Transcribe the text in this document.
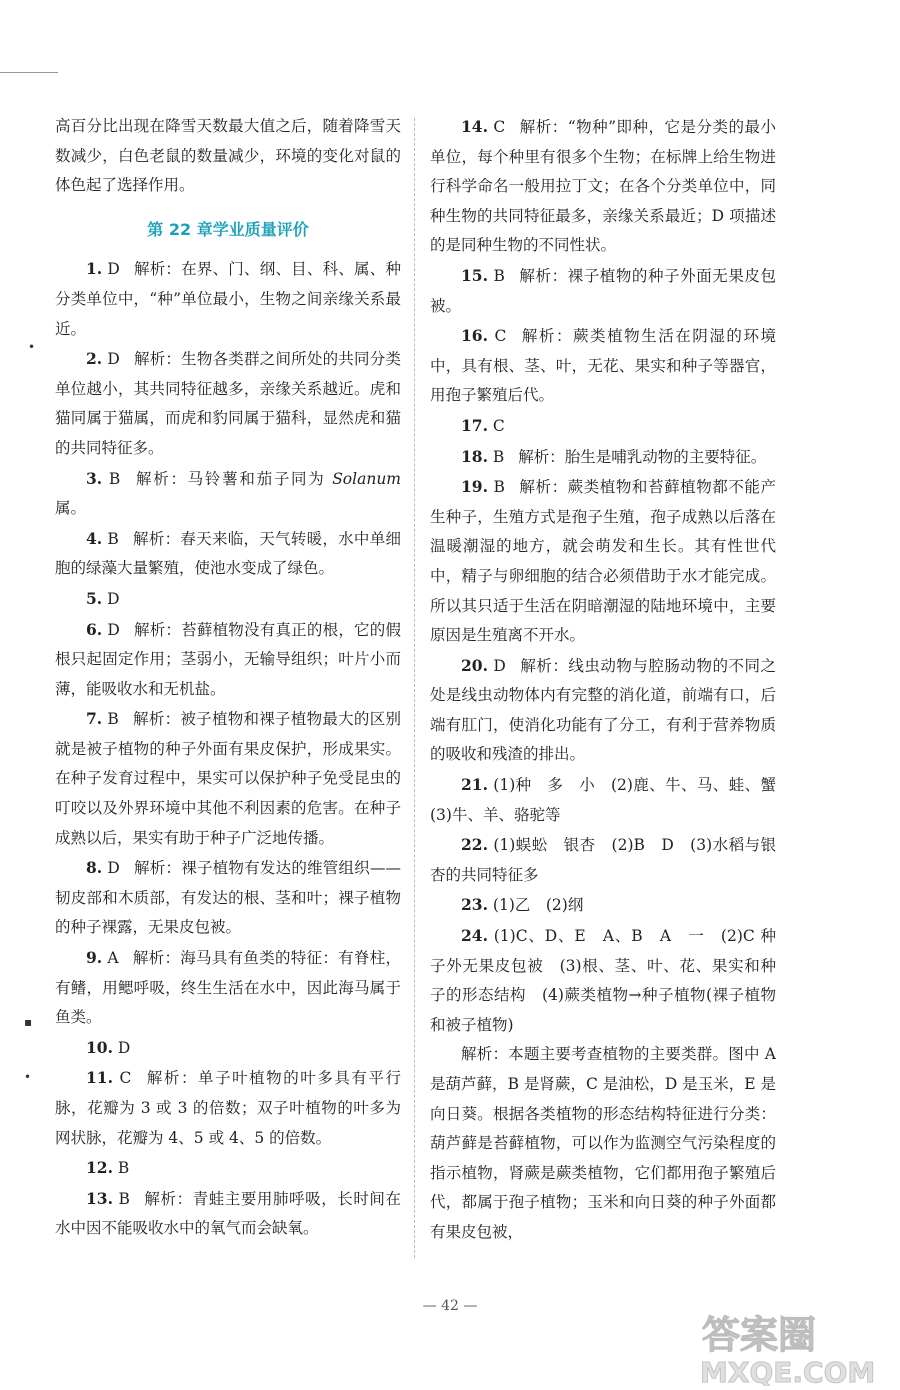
高百分比出现在降雪天数最大值之后，随着降雪天数减少，白色老鼠的数量减少，环境的变化对鼠的体色起了选择作用。

第 22 章学业质量评价

1. D 解析：在界、门、纲、目、科、属、种分类单位中，“种”单位最小，生物之间亲缘关系最近。

2. D 解析：生物各类群之间所处的共同分类单位越小，其共同特征越多，亲缘关系越近。虎和猫同属于猫属，而虎和豹同属于猫科，显然虎和猫的共同特征多。

3. B 解析：马铃薯和茄子同为 Solanum 属。

4. B 解析：春天来临，天气转暖，水中单细胞的绿藻大量繁殖，使池水变成了绿色。

5. D

6. D 解析：苔藓植物没有真正的根，它的假根只起固定作用；茎弱小，无输导组织；叶片小而薄，能吸收水和无机盐。

7. B 解析：被子植物和裸子植物最大的区别就是被子植物的种子外面有果皮保护，形成果实。在种子发育过程中，果实可以保护种子免受昆虫的叮咬以及外界环境中其他不利因素的危害。在种子成熟以后，果实有助于种子广泛地传播。

8. D 解析：裸子植物有发达的维管组织——韧皮部和木质部，有发达的根、茎和叶；裸子植物的种子裸露，无果皮包被。

9. A 解析：海马具有鱼类的特征：有脊柱，有鳍，用鳃呼吸，终生生活在水中，因此海马属于鱼类。

10. D

11. C 解析：单子叶植物的叶多具有平行脉，花瓣为 3 或 3 的倍数；双子叶植物的叶多为网状脉，花瓣为 4、5 或 4、5 的倍数。

12. B

13. B 解析：青蛙主要用肺呼吸，长时间在水中因不能吸收水中的氧气而会缺氧。

14. C 解析：“物种”即种，它是分类的最小单位，每个种里有很多个生物；在标牌上给生物进行科学命名一般用拉丁文；在各个分类单位中，同种生物的共同特征最多，亲缘关系最近；D 项描述的是同种生物的不同性状。

15. B 解析：裸子植物的种子外面无果皮包被。

16. C 解析：蕨类植物生活在阴湿的环境中，具有根、茎、叶，无花、果实和种子等器官，用孢子繁殖后代。

17. C

18. B 解析：胎生是哺乳动物的主要特征。

19. B 解析：蕨类植物和苔藓植物都不能产生种子，生殖方式是孢子生殖，孢子成熟以后落在温暖潮湿的地方，就会萌发和生长。其有性世代中，精子与卵细胞的结合必须借助于水才能完成。所以其只适于生活在阴暗潮湿的陆地环境中，主要原因是生殖离不开水。

20. D 解析：线虫动物与腔肠动物的不同之处是线虫动物体内有完整的消化道，前端有口，后端有肛门，使消化功能有了分工，有利于营养物质的吸收和残渣的排出。

21. (1)种　多　小　(2)鹿、牛、马、蛙、蟹　(3)牛、羊、骆驼等

22. (1)蜈蚣　银杏　(2)B　D　(3)水稻与银杏的共同特征多

23. (1)乙　(2)纲

24. (1)C、D、E　A、B　A　一　(2)C 种子外无果皮包被　(3)根、茎、叶、花、果实和种子的形态结构　(4)蕨类植物→种子植物(裸子植物和被子植物)

解析：本题主要考查植物的主要类群。图中 A 是葫芦藓，B 是肾蕨，C 是油松，D 是玉米，E 是向日葵。根据各类植物的形态结构特征进行分类：葫芦藓是苔藓植物，可以作为监测空气污染程度的指示植物，肾蕨是蕨类植物，它们都用孢子繁殖后代，都属于孢子植物；玉米和向日葵的种子外面都有果皮包被，

•
▪
•
— 42 —
答案圈
MXQE.COM
